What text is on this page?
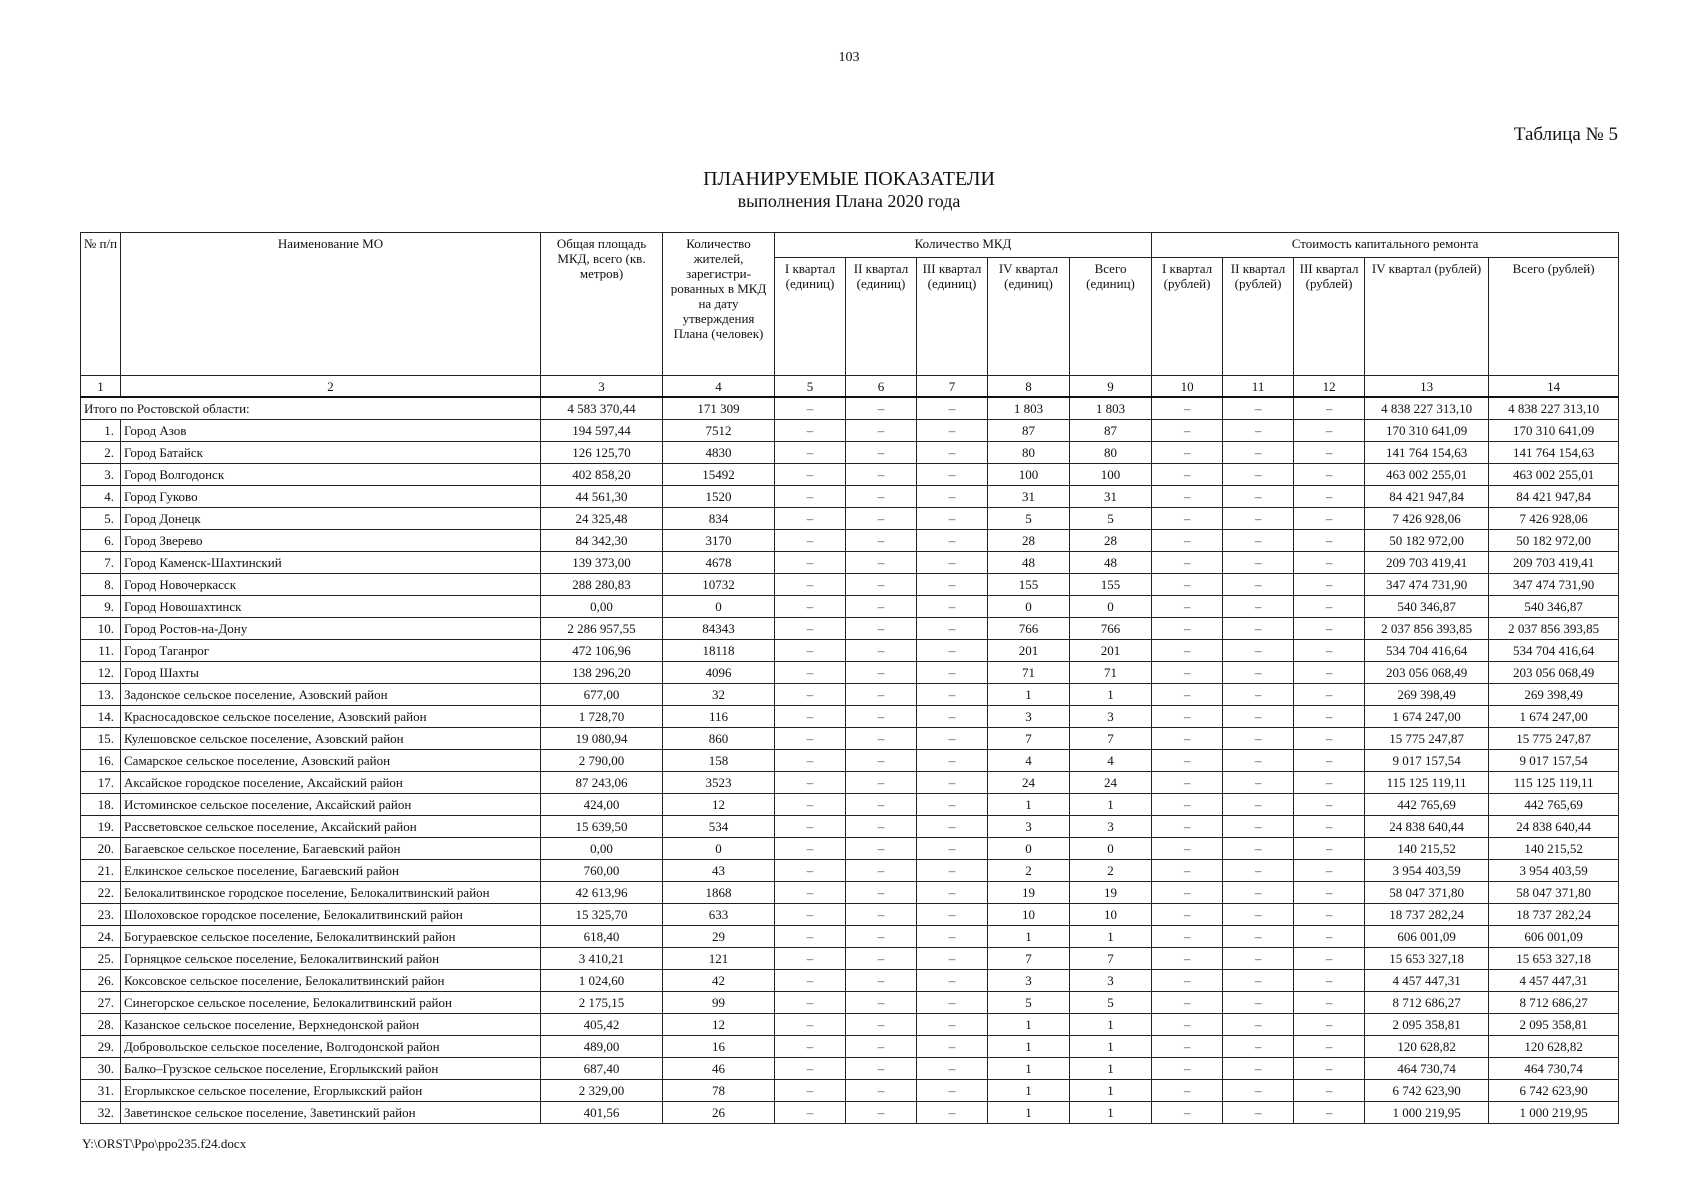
103
Таблица № 5
ПЛАНИРУЕМЫЕ ПОКАЗАТЕЛИ
выполнения Плана 2020 года
№ п/п	Наименование МО	Общая площадь МКД, всего (кв. метров)	Количество жителей, зарегистри-рованных в МКД на дату утверждения Плана (человек)	Количество МКД					Стоимость капитального ремонта				
				I квартал (единиц)	II квартал (единиц)	III квартал (единиц)	IV квартал (единиц)	Всего (единиц)	I квартал (рублей)	II квартал (рублей)	III квартал (рублей)	IV квартал (рублей)	Всего (рублей)
1	2	3	4	5	6	7	8	9	10	11	12	13	14
Итого по Ростовской области:		4 583 370,44	171 309	–	–	–	1 803	1 803	–	–	–	4 838 227 313,10	4 838 227 313,10
1.	Город Азов	194 597,44	7512	–	–	–	87	87	–	–	–	170 310 641,09	170 310 641,09
2.	Город Батайск	126 125,70	4830	–	–	–	80	80	–	–	–	141 764 154,63	141 764 154,63
3.	Город Волгодонск	402 858,20	15492	–	–	–	100	100	–	–	–	463 002 255,01	463 002 255,01
4.	Город Гуково	44 561,30	1520	–	–	–	31	31	–	–	–	84 421 947,84	84 421 947,84
5.	Город Донецк	24 325,48	834	–	–	–	5	5	–	–	–	7 426 928,06	7 426 928,06
6.	Город Зверево	84 342,30	3170	–	–	–	28	28	–	–	–	50 182 972,00	50 182 972,00
7.	Город Каменск-Шахтинский	139 373,00	4678	–	–	–	48	48	–	–	–	209 703 419,41	209 703 419,41
8.	Город Новочеркасск	288 280,83	10732	–	–	–	155	155	–	–	–	347 474 731,90	347 474 731,90
9.	Город Новошахтинск	0,00	0	–	–	–	0	0	–	–	–	540 346,87	540 346,87
10.	Город Ростов-на-Дону	2 286 957,55	84343	–	–	–	766	766	–	–	–	2 037 856 393,85	2 037 856 393,85
11.	Город Таганрог	472 106,96	18118	–	–	–	201	201	–	–	–	534 704 416,64	534 704 416,64
12.	Город Шахты	138 296,20	4096	–	–	–	71	71	–	–	–	203 056 068,49	203 056 068,49
13.	Задонское сельское поселение, Азовский район	677,00	32	–	–	–	1	1	–	–	–	269 398,49	269 398,49
14.	Красносадовское сельское поселение, Азовский район	1 728,70	116	–	–	–	3	3	–	–	–	1 674 247,00	1 674 247,00
15.	Кулешовское сельское поселение, Азовский район	19 080,94	860	–	–	–	7	7	–	–	–	15 775 247,87	15 775 247,87
16.	Самарское сельское поселение, Азовский район	2 790,00	158	–	–	–	4	4	–	–	–	9 017 157,54	9 017 157,54
17.	Аксайское городское поселение, Аксайский район	87 243,06	3523	–	–	–	24	24	–	–	–	115 125 119,11	115 125 119,11
18.	Истоминское сельское поселение, Аксайский район	424,00	12	–	–	–	1	1	–	–	–	442 765,69	442 765,69
19.	Рассветовское сельское поселение, Аксайский район	15 639,50	534	–	–	–	3	3	–	–	–	24 838 640,44	24 838 640,44
20.	Багаевское сельское поселение, Багаевский район	0,00	0	–	–	–	0	0	–	–	–	140 215,52	140 215,52
21.	Елкинское сельское поселение, Багаевский район	760,00	43	–	–	–	2	2	–	–	–	3 954 403,59	3 954 403,59
22.	Белокалитвинское городское поселение, Белокалитвинский район	42 613,96	1868	–	–	–	19	19	–	–	–	58 047 371,80	58 047 371,80
23.	Шолоховское городское поселение, Белокалитвинский район	15 325,70	633	–	–	–	10	10	–	–	–	18 737 282,24	18 737 282,24
24.	Богураевское сельское поселение, Белокалитвинский район	618,40	29	–	–	–	1	1	–	–	–	606 001,09	606 001,09
25.	Горняцкое сельское поселение, Белокалитвинский район	3 410,21	121	–	–	–	7	7	–	–	–	15 653 327,18	15 653 327,18
26.	Коксовское сельское поселение, Белокалитвинский район	1 024,60	42	–	–	–	3	3	–	–	–	4 457 447,31	4 457 447,31
27.	Синегорское сельское поселение, Белокалитвинский район	2 175,15	99	–	–	–	5	5	–	–	–	8 712 686,27	8 712 686,27
28.	Казанское сельское поселение, Верхнедонской район	405,42	12	–	–	–	1	1	–	–	–	2 095 358,81	2 095 358,81
29.	Добровольское сельское поселение, Волгодонской район	489,00	16	–	–	–	1	1	–	–	–	120 628,82	120 628,82
30.	Балко–Грузское сельское поселение, Егорлыкский район	687,40	46	–	–	–	1	1	–	–	–	464 730,74	464 730,74
31.	Егорлыкское сельское поселение, Егорлыкский район	2 329,00	78	–	–	–	1	1	–	–	–	6 742 623,90	6 742 623,90
32.	Заветинское сельское поселение, Заветинский район	401,56	26	–	–	–	1	1	–	–	–	1 000 219,95	1 000 219,95
Y:\ORST\Ppo\ppo235.f24.docx
